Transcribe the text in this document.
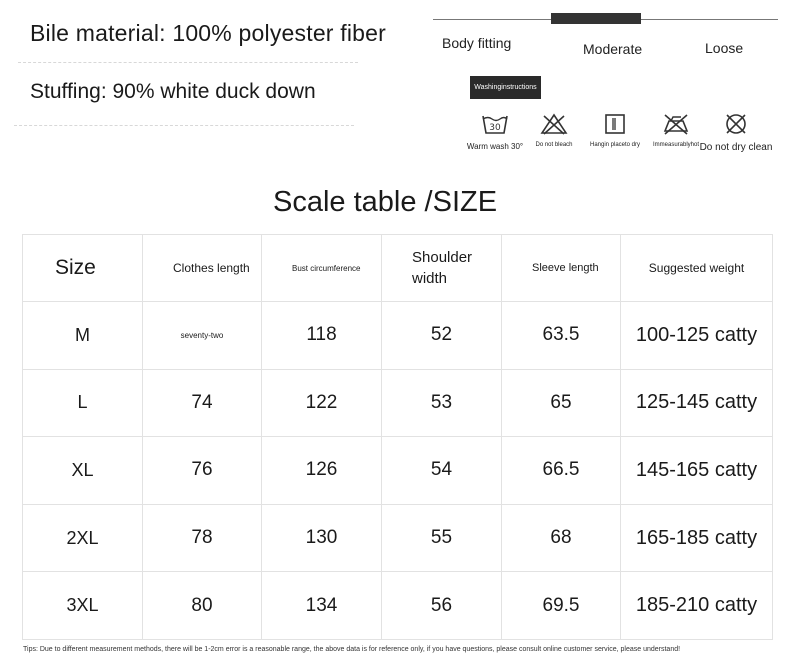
Bile material: 100% polyester fiber
Stuffing: 90% white duck down
Body fitting	Moderate	Loose
Washinginstructions
30
Warm wash 30°	Do not bleach	Hangin placeto dry	Immeasurablyhot Do not dry clean
Scale table /SIZE
Size	Clothes length	Bust circumference	Shoulder width	Sleeve length	Suggested weight
M	seventy-two	118	52	63.5	100-125 catty
L	74	122	53	65	125-145 catty
XL	76	126	54	66.5	145-165 catty
2XL	78	130	55	68	165-185 catty
3XL	80	134	56	69.5	185-210 catty
Tips: Due to different measurement methods, there will be 1-2cm error is a reasonable range, the above data is for reference only, if you have questions, please consult online customer service, please understand!
